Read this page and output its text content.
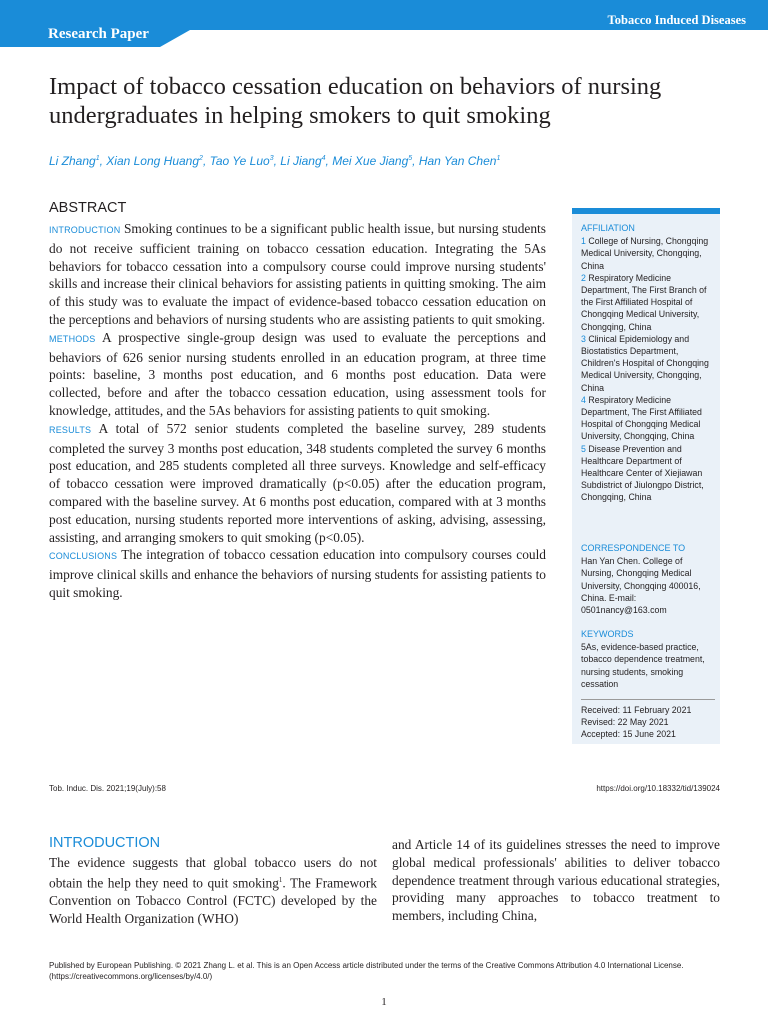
Tobacco Induced Diseases
Research Paper
Impact of tobacco cessation education on behaviors of nursing undergraduates in helping smokers to quit smoking
Li Zhang$^1$, Xian Long Huang$^2$, Tao Ye Luo$^3$, Li Jiang$^4$, Mei Xue Jiang$^5$, Han Yan Chen$^1$
ABSTRACT

INTRODUCTION Smoking continues to be a significant public health issue, but nursing students do not receive sufficient training on tobacco cessation education. Integrating the 5As behaviors for tobacco cessation into a compulsory course could improve nursing students' skills and increase their clinical behaviors for assisting patients in quitting smoking. The aim of this study was to evaluate the impact of evidence-based tobacco cessation education on the perceptions and behaviors of nursing students who are assisting patients to quit smoking.

METHODS A prospective single-group design was used to evaluate the perceptions and behaviors of 626 senior nursing students enrolled in an education program, at three time points: baseline, 3 months post education, and 6 months post education. Data were collected, before and after the tobacco cessation education, using assessment tools for knowledge, attitudes, and the 5As behaviors for assisting patients to quit smoking.

RESULTS A total of 572 senior students completed the baseline survey, 289 students completed the survey 3 months post education, 348 students completed the survey 6 months post education, and 285 students completed all three surveys. Knowledge and self-efficacy of tobacco cessation were improved dramatically (p<0.05) after the education program, compared with the baseline survey. At 6 months post education, compared with at 3 months post education, nursing students reported more interventions of asking, advising, assessing, assisting, and arranging smokers to quit smoking (p<0.05).

CONCLUSIONS The integration of tobacco cessation education into compulsory courses could improve clinical skills and enhance the behaviors of nursing students for assisting patients to quit smoking.

AFFILIATION
1 College of Nursing, Chongqing Medical University, Chongqing, China
2 Respiratory Medicine Department, The First Branch of the First Affiliated Hospital of Chongqing Medical University, Chongqing, China
3 Clinical Epidemiology and Biostatistics Department, Children's Hospital of Chongqing Medical University, Chongqing, China
4 Respiratory Medicine Department, The First Affiliated Hospital of Chongqing Medical University, Chongqing, China
5 Disease Prevention and Healthcare Department of Healthcare Center of Xiejiawan Subdistrict of Jiulongpo District, Chongqing, China
CORRESPONDENCE TO
Han Yan Chen. College of Nursing, Chongqing Medical University, Chongqing 400016, China. E-mail: 0501nancy@163.com
KEYWORDS
5As, evidence-based practice, tobacco dependence treatment, nursing students, smoking cessation
Received: 11 February 2021
Revised: 22 May 2021
Accepted: 15 June 2021
Tob. Induc. Dis. 2021;19(July):58	https://doi.org/10.18332/tid/139024
INTRODUCTION
The evidence suggests that global tobacco users do not obtain the help they need to quit smoking$^1$. The Framework Convention on Tobacco Control (FCTC) developed by the World Health Organization (WHO)
and Article 14 of its guidelines stresses the need to improve global medical professionals' abilities to deliver tobacco dependence treatment through various educational strategies, providing many approaches to tobacco treatment to members, including China,
Published by European Publishing. © 2021 Zhang L. et al. This is an Open Access article distributed under the terms of the Creative Commons Attribution 4.0 International License. (https://creativecommons.org/licenses/by/4.0/)
1
